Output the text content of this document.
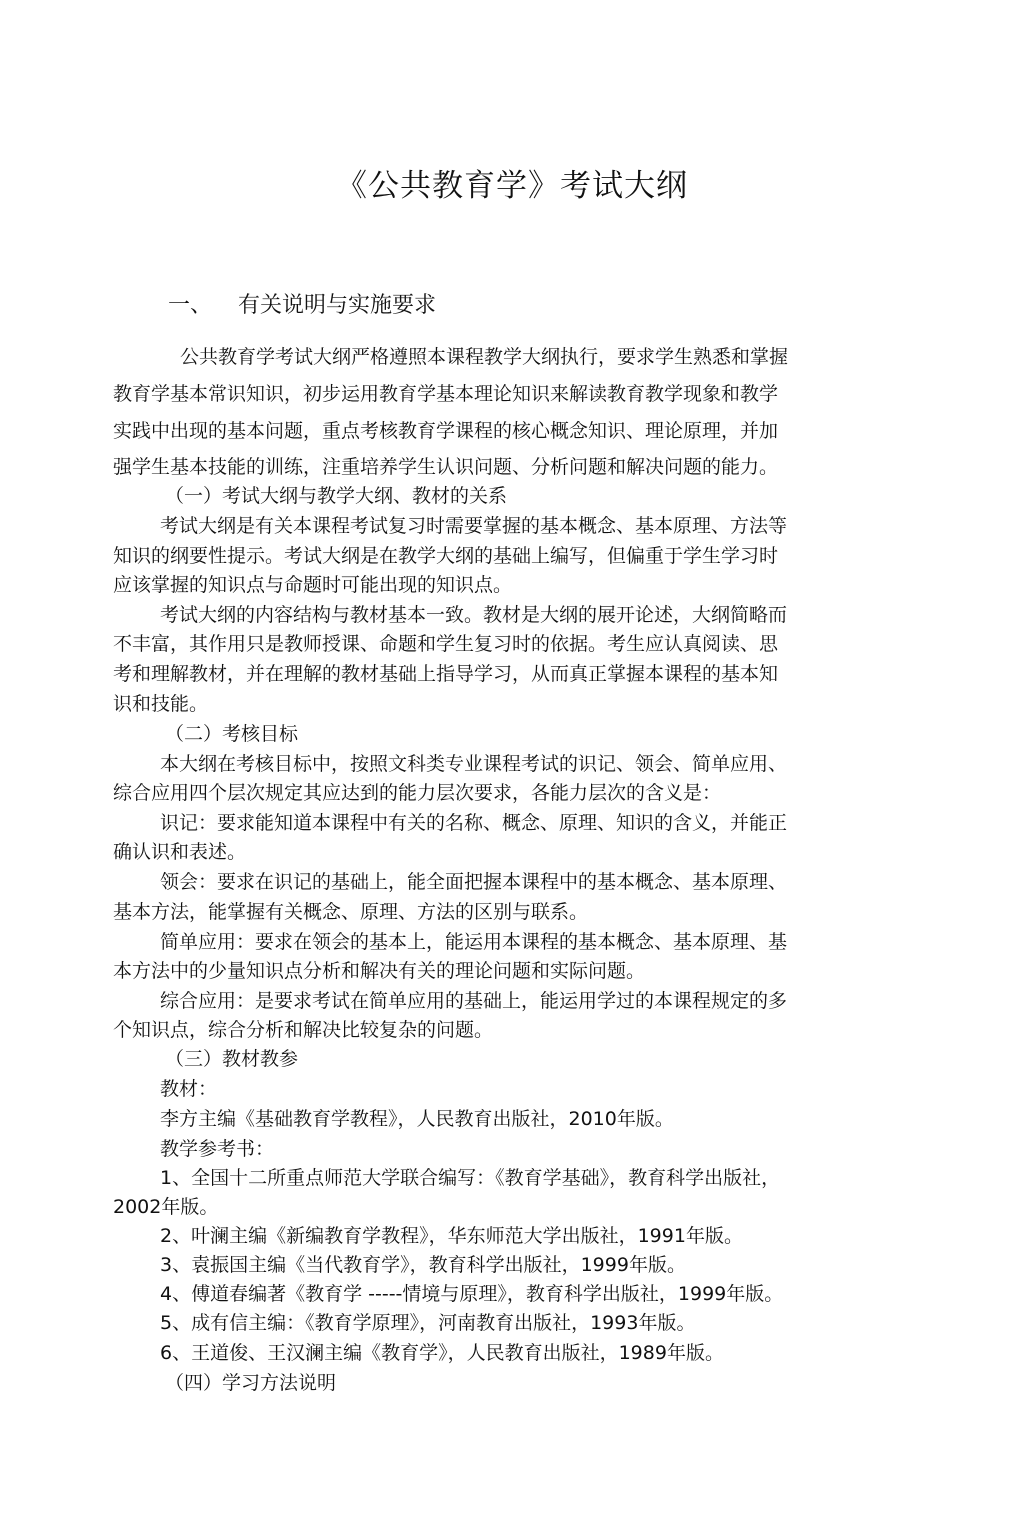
《公共教育学》考试大纲
一、 有关说明与实施要求
公共教育学考试大纲严格遵照本课程教学大纲执行，要求学生熟悉和掌握
教育学基本常识知识，初步运用教育学基本理论知识来解读教育教学现象和教学
实践中出现的基本问题，重点考核教育学课程的核心概念知识、理论原理，并加
强学生基本技能的训练，注重培养学生认识问题、分析问题和解决问题的能力。
（一）考试大纲与教学大纲、教材的关系
考试大纲是有关本课程考试复习时需要掌握的基本概念、基本原理、方法等
知识的纲要性提示。考试大纲是在教学大纲的基础上编写，但偏重于学生学习时
应该掌握的知识点与命题时可能出现的知识点。
考试大纲的内容结构与教材基本一致。教材是大纲的展开论述，大纲简略而
不丰富，其作用只是教师授课、命题和学生复习时的依据。考生应认真阅读、思
考和理解教材，并在理解的教材基础上指导学习，从而真正掌握本课程的基本知
识和技能。
（二）考核目标
本大纲在考核目标中，按照文科类专业课程考试的识记、领会、简单应用、
综合应用四个层次规定其应达到的能力层次要求，各能力层次的含义是：
识记：要求能知道本课程中有关的名称、概念、原理、知识的含义，并能正
确认识和表述。
领会：要求在识记的基础上，能全面把握本课程中的基本概念、基本原理、
基本方法，能掌握有关概念、原理、方法的区别与联系。
简单应用：要求在领会的基本上，能运用本课程的基本概念、基本原理、基
本方法中的少量知识点分析和解决有关的理论问题和实际问题。
综合应用：是要求考试在简单应用的基础上，能运用学过的本课程规定的多
个知识点，综合分析和解决比较复杂的问题。
（三）教材教参
教材：
李方主编《基础教育学教程》，人民教育出版社，2010年版。
教学参考书：
1、全国十二所重点师范大学联合编写：《教育学基础》，教育科学出版社，
2002年版。
2、叶澜主编《新编教育学教程》，华东师范大学出版社，1991年版。
3、袁振国主编《当代教育学》，教育科学出版社，1999年版。
4、傅道春编著《教育学 -----情境与原理》，教育科学出版社，1999年版。
5、成有信主编：《教育学原理》，河南教育出版社，1993年版。
6、王道俊、王汉澜主编《教育学》，人民教育出版社，1989年版。
（四）学习方法说明
